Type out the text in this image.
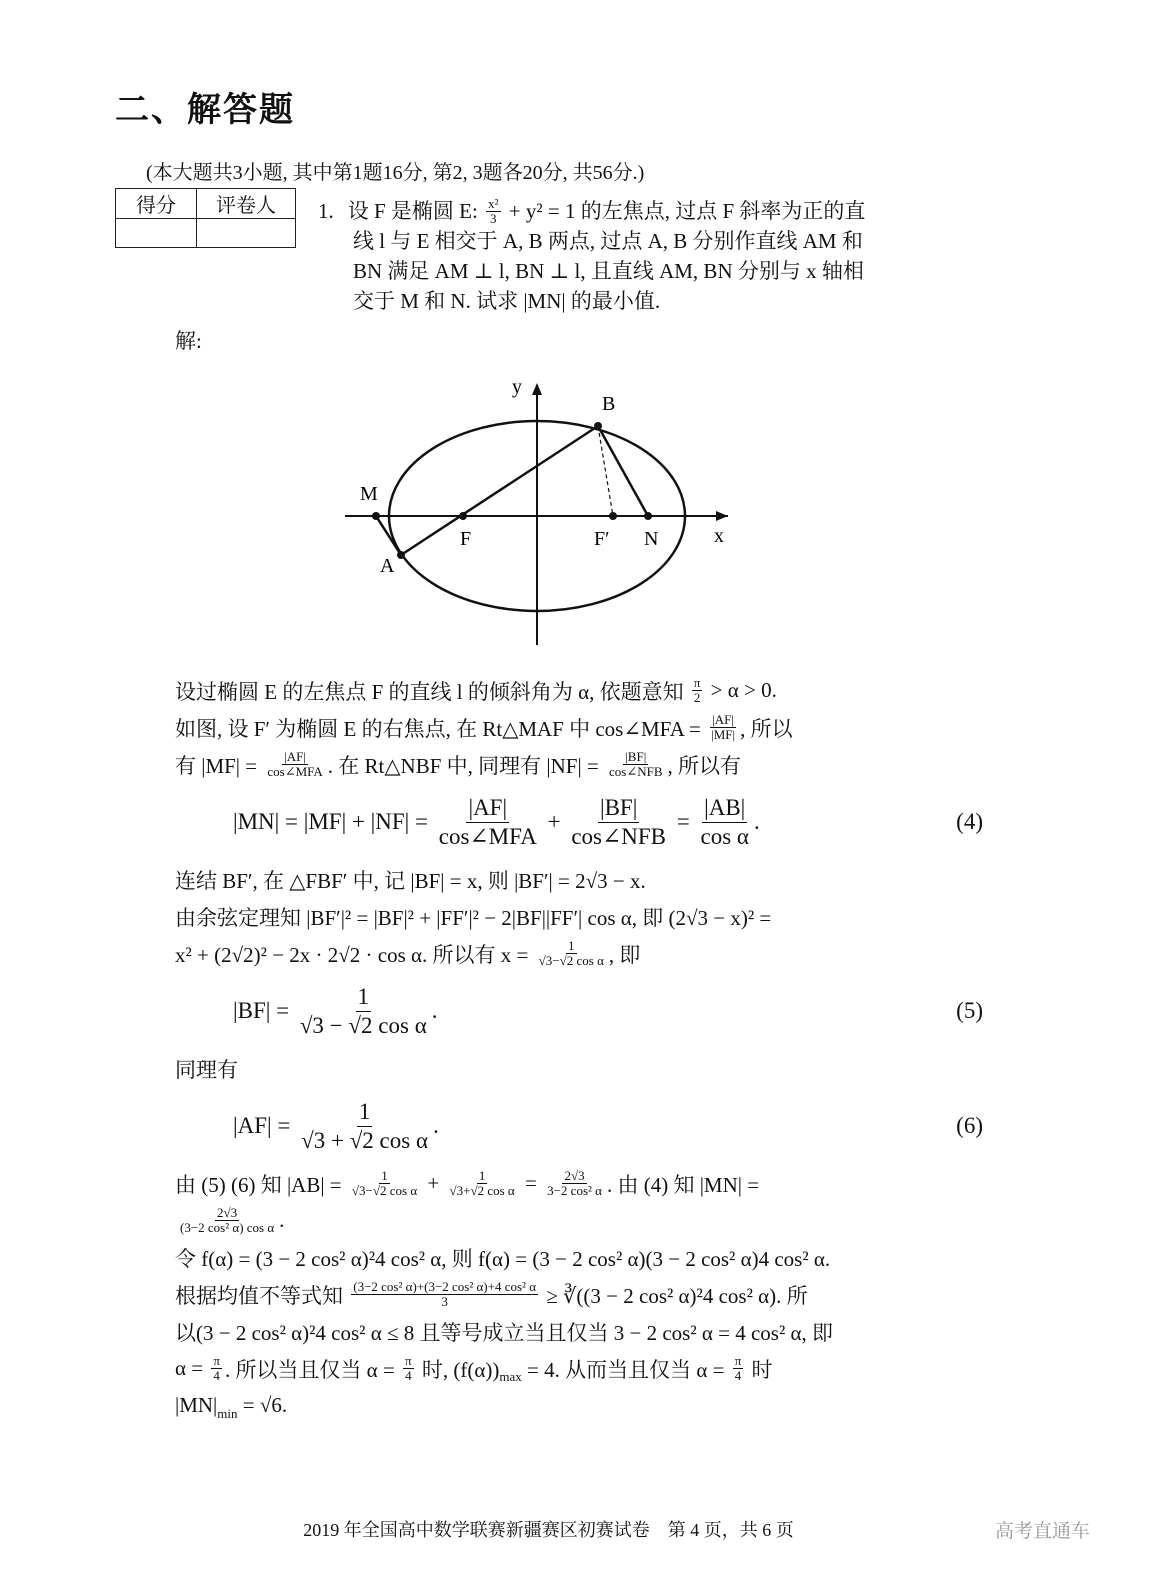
二、解答题
(本大题共3小题, 其中第1题16分, 第2, 3题各20分, 共56分.)
得分	评卷人
	1. 设 F 是椭圆 E: $\frac{\text{x²}}{3} + y^2 = 1$ 的左焦点, 过点 F 斜率为正的直
线 l 与 E 相交于 A, B 两点, 过点 A, B 分别作直线 AM 和
BN 满足 AM ⊥ l, BN ⊥ l, 且直线 AM, BN 分别与 x 轴相
交于 M 和 N. 试求 |MN| 的最小值.
解:
y
B
M
F	F′ N	x
A
设过椭圆 E 的左焦点 F 的直线 l 的倾斜角为 α, 依题意知 $\frac{\pi}{2} > \alpha > 0$.
如图, 设 F′ 为椭圆 E 的右焦点, 在 Rt△MAF 中 cos∠MFA = $\frac{|AF|}{|MF|}$ , 所以
有 $|MF| = \frac{|AF|}{\text{cos∠MFA}}$ . 在 Rt△NBF 中, 同理有 $|NF| = \frac{|BF|}{\text{cos∠NFB}}$ , 所以有
$|MN| = |MF| + |NF| = \frac{|AF|}{\text{cos∠MFA}} + \frac{|BF|}{\text{cos∠NFB}} = \frac{|AB|}{\text{cos α}}$ .	(4)
连结 BF′, 在 △FBF′ 中, 记 |BF| = x, 则 |BF′| = 2√3 − x.
由余弦定理知 |BF′|² = |BF|² + |FF′|² − 2|BF||FF′| cos α, 即 (2√3 − x)² =
x² + (2√2)² − 2x · 2√2 · cos α. 所以有 $x = \frac{1}{\text{√3−√2 cos α}}$ , 即
$|BF| = \frac{1}{\text{√3 − √2 cos α}}$ .	(5)
同理有
$|AF| = \frac{1}{\text{√3 + √2 cos α}}$ .	(6)
由 (5) (6) 知 $|AB| = \frac{1}{\text{√3−√2 cos α}} + \frac{1}{\text{√3+√2 cos α}} = \frac{2√3}{\text{3−2 cos² α}}$ . 由 (4) 知 |MN| =
$\frac{2√3}{\text{(3−2 cos² α) cos α}}$ .
令 f(α) = (3 − 2 cos² α)²4 cos² α, 则 f(α) = (3 − 2 cos² α)(3 − 2 cos² α)4 cos² α.
根据均值不等式知 $\frac{\text{(3−2 cos² α)+(3−2 cos² α)+4 cos² α}}{3}$ ≥ ∛((3 − 2 cos² α)²4 cos² α). 所
以(3 − 2 cos² α)²4 cos² α ≤ 8 且等号成立当且仅当 3 − 2 cos² α = 4 cos² α, 即
$\alpha = \frac{\pi}{4}$ . 所以当且仅当 $\alpha = \frac{\pi}{4}$ 时, (f(α)) max = 4. 从而当且仅当 $\alpha = \frac{\pi}{4}$ 时
|MN| min = √6.
2019 年全国高中数学联赛新疆赛区初赛试卷　第 4 页，共 6 页	高考直通车
